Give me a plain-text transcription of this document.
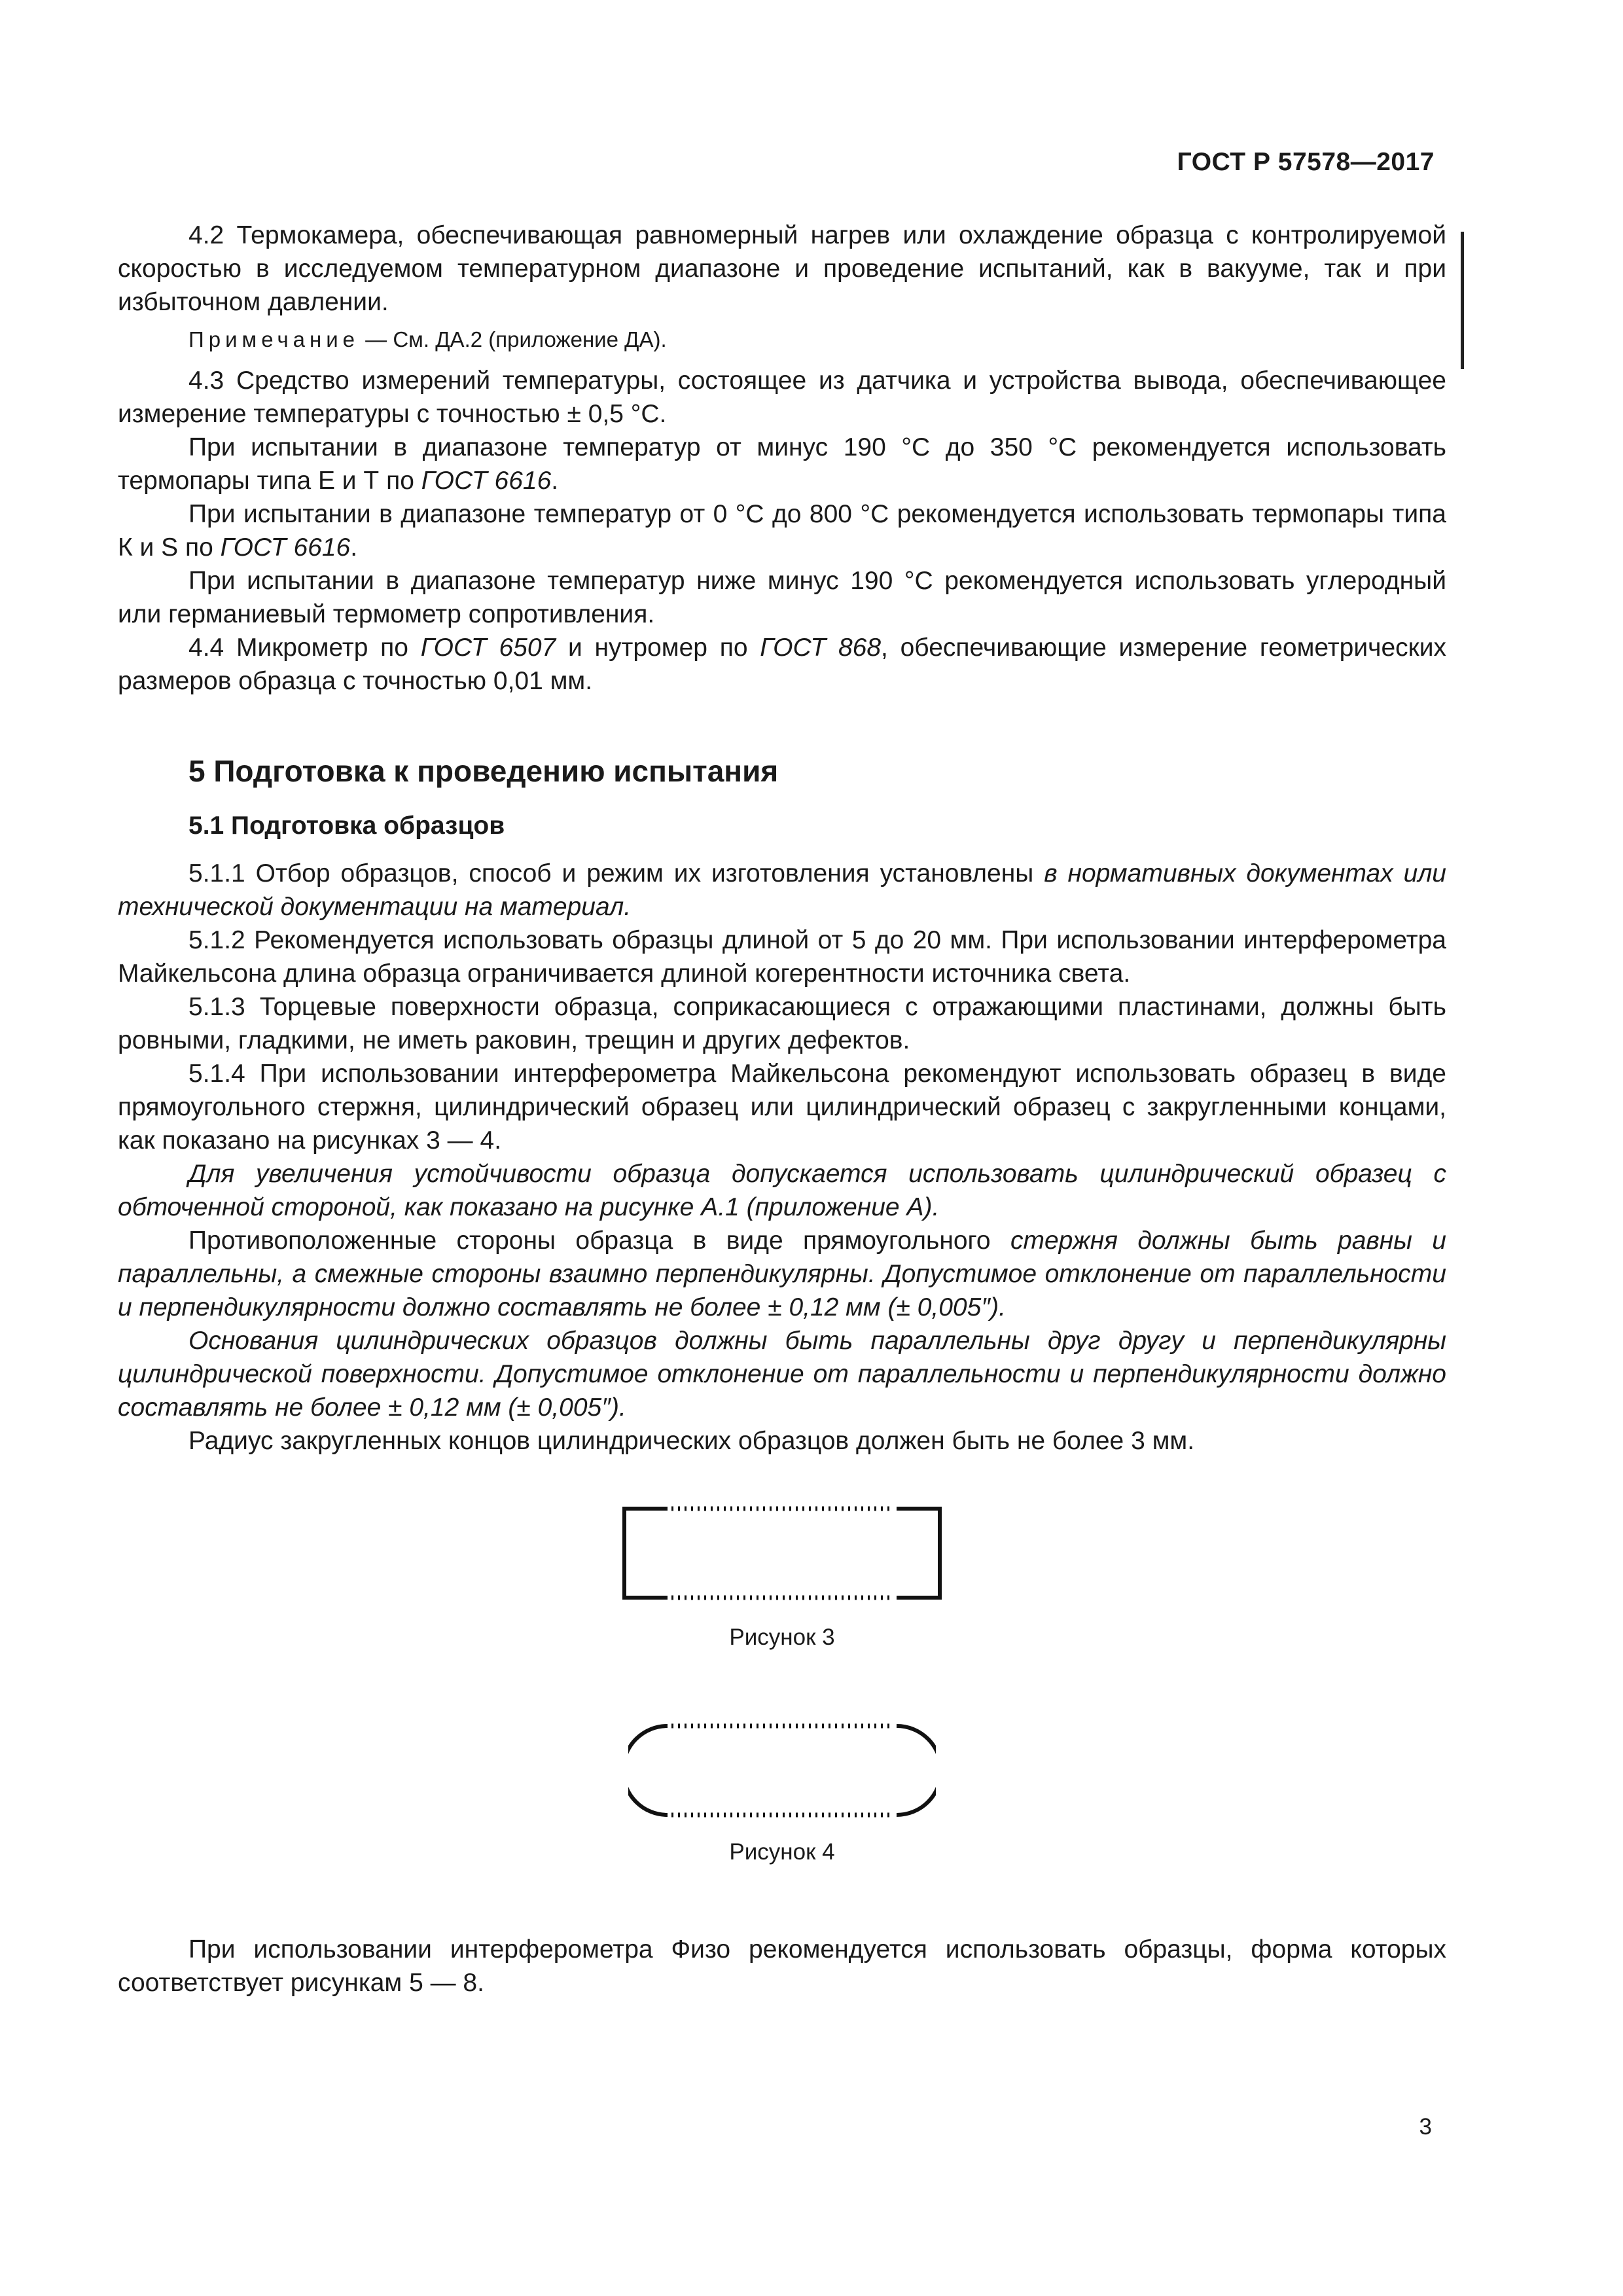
ГОСТ Р 57578—2017

4.2 Термокамера, обеспечивающая равномерный нагрев или охлаждение образца с контролируемой скоростью в исследуемом температурном диапазоне и проведение испытаний, как в вакууме, так и при избыточном давлении.

Примечание — См. ДА.2 (приложение ДА).

4.3 Средство измерений температуры, состоящее из датчика и устройства вывода, обеспечивающее измерение температуры с точностью ± 0,5 °С.

При испытании в диапазоне температур от минус 190 °С до 350 °С рекомендуется использовать термопары типа Е и Т по ГОСТ 6616.

При испытании в диапазоне температур от 0 °С до 800 °С рекомендуется использовать термопары типа К и S по ГОСТ 6616.

При испытании в диапазоне температур ниже минус 190 °С рекомендуется использовать углеродный или германиевый термометр сопротивления.

4.4 Микрометр по ГОСТ 6507 и нутромер по ГОСТ 868, обеспечивающие измерение геометрических размеров образца с точностью 0,01 мм.

5 Подготовка к проведению испытания
5.1 Подготовка образцов

5.1.1 Отбор образцов, способ и режим их изготовления установлены в нормативных документах или технической документации на материал.

5.1.2 Рекомендуется использовать образцы длиной от 5 до 20 мм. При использовании интерферометра Майкельсона длина образца ограничивается длиной когерентности источника света.

5.1.3 Торцевые поверхности образца, соприкасающиеся с отражающими пластинами, должны быть ровными, гладкими, не иметь раковин, трещин и других дефектов.

5.1.4 При использовании интерферометра Майкельсона рекомендуют использовать образец в виде прямоугольного стержня, цилиндрический образец или цилиндрический образец с закругленными концами, как показано на рисунках 3 — 4.

Для увеличения устойчивости образца допускается использовать цилиндрический образец с обточенной стороной, как показано на рисунке А.1 (приложение А).

Противоположенные стороны образца в виде прямоугольного стержня должны быть равны и параллельны, а смежные стороны взаимно перпендикулярны. Допустимое отклонение от параллельности и перпендикулярности должно составлять не более ± 0,12 мм (± 0,005″).

Основания цилиндрических образцов должны быть параллельны друг другу и перпендикулярны цилиндрической поверхности. Допустимое отклонение от параллельности и перпендикулярности должно составлять не более ± 0,12 мм (± 0,005″).

Радиус закругленных концов цилиндрических образцов должен быть не более 3 мм.

Рисунок 3
Рисунок 4

При использовании интерферометра Физо рекомендуется использовать образцы, форма которых соответствует рисункам 5 — 8.

3
